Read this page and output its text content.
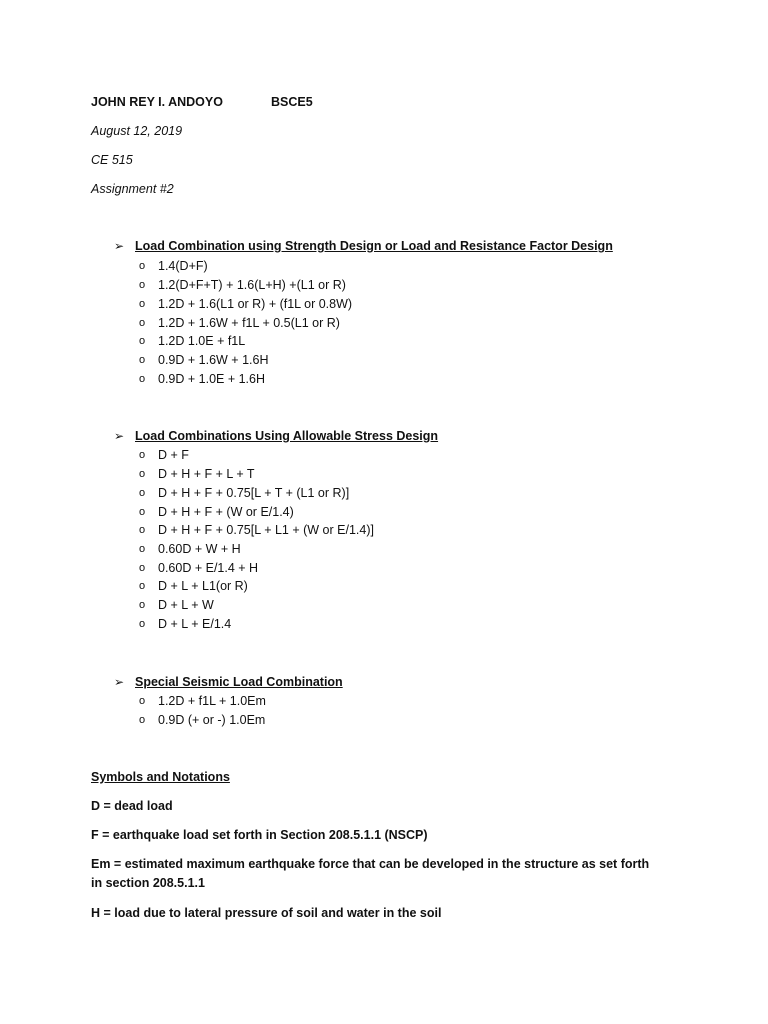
JOHN REY I. ANDOYO	BSCE5
August 12, 2019
CE 515
Assignment #2
➢ Load Combination using Strength Design or Load and Resistance Factor Design
o 1.4(D+F)
o 1.2(D+F+T) + 1.6(L+H) +(L1 or R)
o 1.2D + 1.6(L1 or R) + (f1L or 0.8W)
o 1.2D + 1.6W + f1L + 0.5(L1 or R)
o 1.2D 1.0E + f1L
o 0.9D + 1.6W + 1.6H
o 0.9D + 1.0E + 1.6H
➢ Load Combinations Using Allowable Stress Design
o D + F
o D + H + F + L + T
o D + H + F + 0.75[L + T + (L1 or R)]
o D + H + F + (W or E/1.4)
o D + H + F + 0.75[L + L1 + (W or E/1.4)]
o 0.60D + W + H
o 0.60D + E/1.4 + H
o D + L + L1(or R)
o D + L + W
o D + L + E/1.4
➢ Special Seismic Load Combination
o 1.2D + f1L + 1.0Em
o 0.9D (+ or -) 1.0Em
Symbols and Notations
D = dead load
F = earthquake load set forth in Section 208.5.1.1 (NSCP)
Em = estimated maximum earthquake force that can be developed in the structure as set forth in section 208.5.1.1
H = load due to lateral pressure of soil and water in the soil
